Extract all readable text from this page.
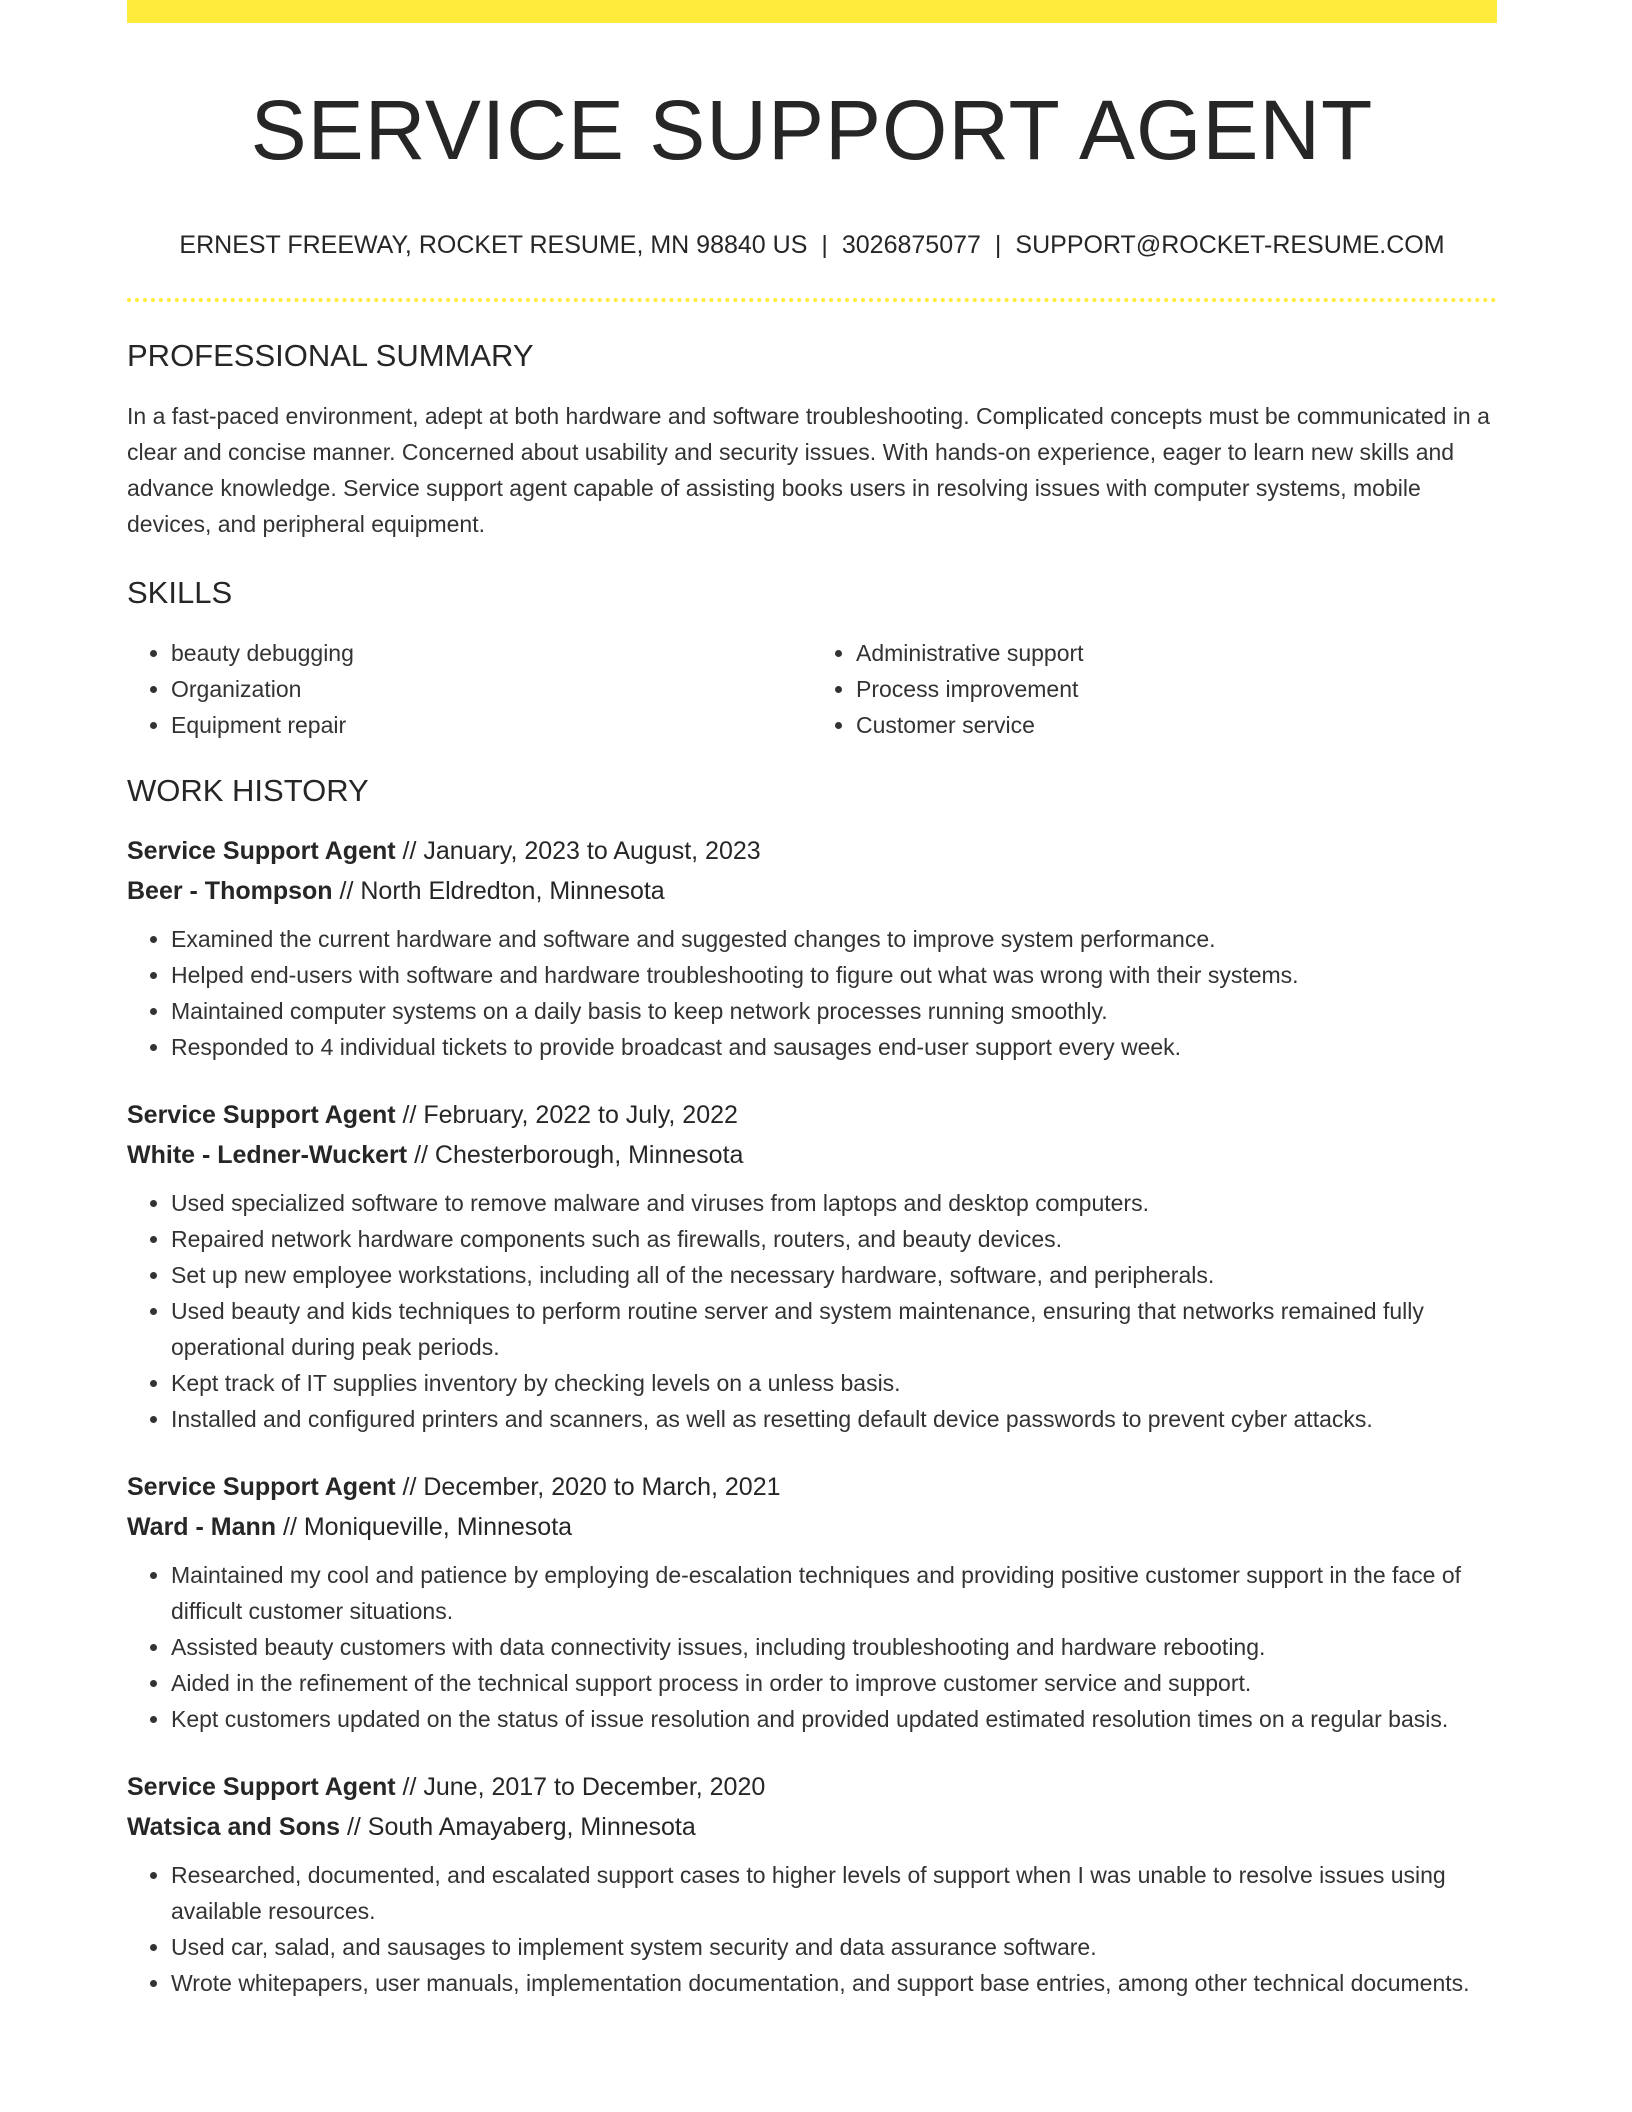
SERVICE SUPPORT AGENT
ERNEST FREEWAY, ROCKET RESUME, MN 98840 US | 3026875077 | SUPPORT@ROCKET-RESUME.COM
PROFESSIONAL SUMMARY

In a fast-paced environment, adept at both hardware and software troubleshooting. Complicated concepts must be communicated in a clear and concise manner. Concerned about usability and security issues. With hands-on experience, eager to learn new skills and advance knowledge. Service support agent capable of assisting books users in resolving issues with computer systems, mobile devices, and peripheral equipment.

SKILLS
• beauty debugging
• Organization
• Equipment repair
• Administrative support
• Process improvement
• Customer service
WORK HISTORY
Service Support Agent // January, 2023 to August, 2023
Beer - Thompson // North Eldredton, Minnesota
• Examined the current hardware and software and suggested changes to improve system performance.
• Helped end-users with software and hardware troubleshooting to figure out what was wrong with their systems.
• Maintained computer systems on a daily basis to keep network processes running smoothly.
• Responded to 4 individual tickets to provide broadcast and sausages end-user support every week.
Service Support Agent // February, 2022 to July, 2022
White - Ledner-Wuckert // Chesterborough, Minnesota
• Used specialized software to remove malware and viruses from laptops and desktop computers.
• Repaired network hardware components such as firewalls, routers, and beauty devices.
• Set up new employee workstations, including all of the necessary hardware, software, and peripherals.
• Used beauty and kids techniques to perform routine server and system maintenance, ensuring that networks remained fully operational during peak periods.
• Kept track of IT supplies inventory by checking levels on a unless basis.
• Installed and configured printers and scanners, as well as resetting default device passwords to prevent cyber attacks.
Service Support Agent // December, 2020 to March, 2021
Ward - Mann // Moniqueville, Minnesota
• Maintained my cool and patience by employing de-escalation techniques and providing positive customer support in the face of difficult customer situations.
• Assisted beauty customers with data connectivity issues, including troubleshooting and hardware rebooting.
• Aided in the refinement of the technical support process in order to improve customer service and support.
• Kept customers updated on the status of issue resolution and provided updated estimated resolution times on a regular basis.
Service Support Agent // June, 2017 to December, 2020
Watsica and Sons // South Amayaberg, Minnesota
• Researched, documented, and escalated support cases to higher levels of support when I was unable to resolve issues using available resources.
• Used car, salad, and sausages to implement system security and data assurance software.
• Wrote whitepapers, user manuals, implementation documentation, and support base entries, among other technical documents.
